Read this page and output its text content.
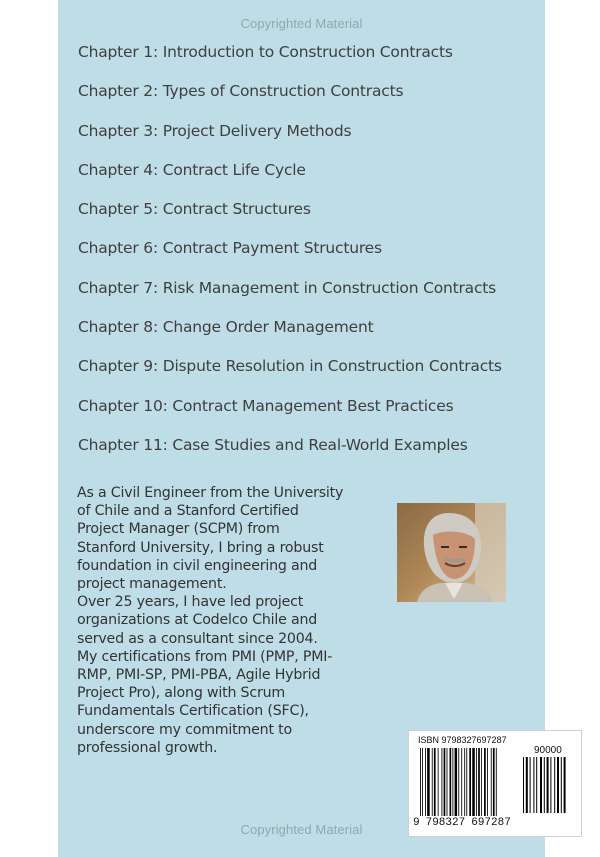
Copyrighted Material
Chapter 1: Introduction to Construction Contracts
Chapter 2: Types of Construction Contracts
Chapter 3: Project Delivery Methods
Chapter 4: Contract Life Cycle
Chapter 5: Contract Structures
Chapter 6: Contract Payment Structures
Chapter 7: Risk Management in Construction Contracts
Chapter 8: Change Order Management
Chapter 9: Dispute Resolution in Construction Contracts
Chapter 10: Contract Management Best Practices
Chapter 11: Case Studies and Real-World Examples

As a Civil Engineer from the University

of Chile and a Stanford Certified

Project Manager (SCPM) from

Stanford University, I bring a robust

foundation in civil engineering and

project management.

Over 25 years, I have led project

organizations at Codelco Chile and

served as a consultant since 2004.

My certifications from PMI (PMP, PMI-

RMP, PMI-SP, PMI-PBA, Agile Hybrid

Project Pro), along with Scrum

Fundamentals Certification (SFC),

underscore my commitment to

professional growth.

Copyrighted Material
ISBN 9798327697287
90000
9 798327 697287
